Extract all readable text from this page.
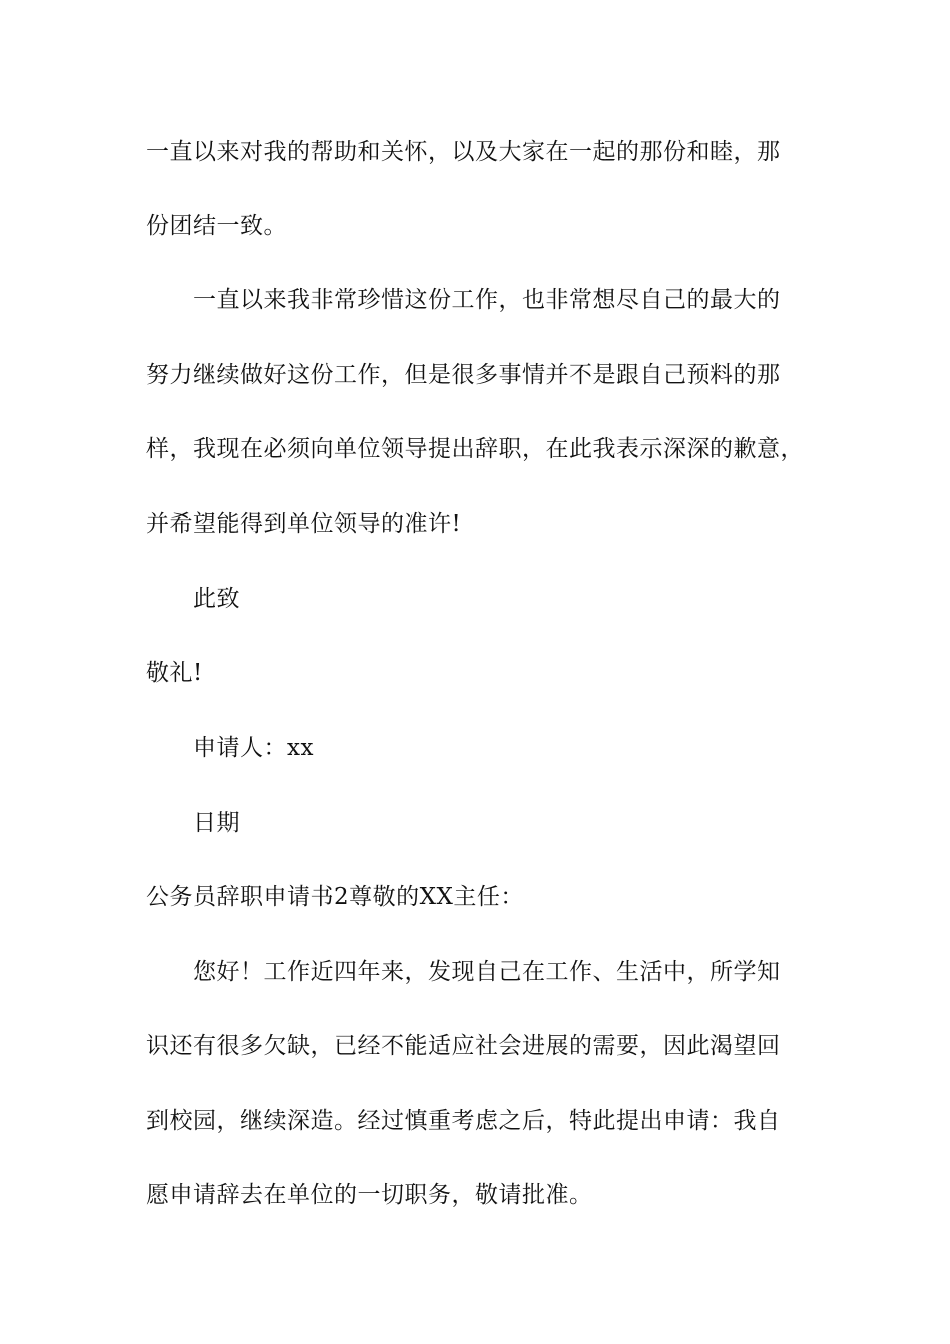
一直以来对我的帮助和关怀，以及大家在一起的那份和睦，那
份团结一致。
一直以来我非常珍惜这份工作，也非常想尽自己的最大的
努力继续做好这份工作，但是很多事情并不是跟自己预料的那
样，我现在必须向单位领导提出辞职，在此我表示深深的歉意，
并希望能得到单位领导的准许!
此致
敬礼!
申请人：xx
日期
公务员辞职申请书2尊敬的XX主任：
您好！工作近四年来，发现自己在工作、生活中，所学知
识还有很多欠缺，已经不能适应社会进展的需要，因此渴望回
到校园，继续深造。经过慎重考虑之后，特此提出申请：我自
愿申请辞去在单位的一切职务，敬请批准。
